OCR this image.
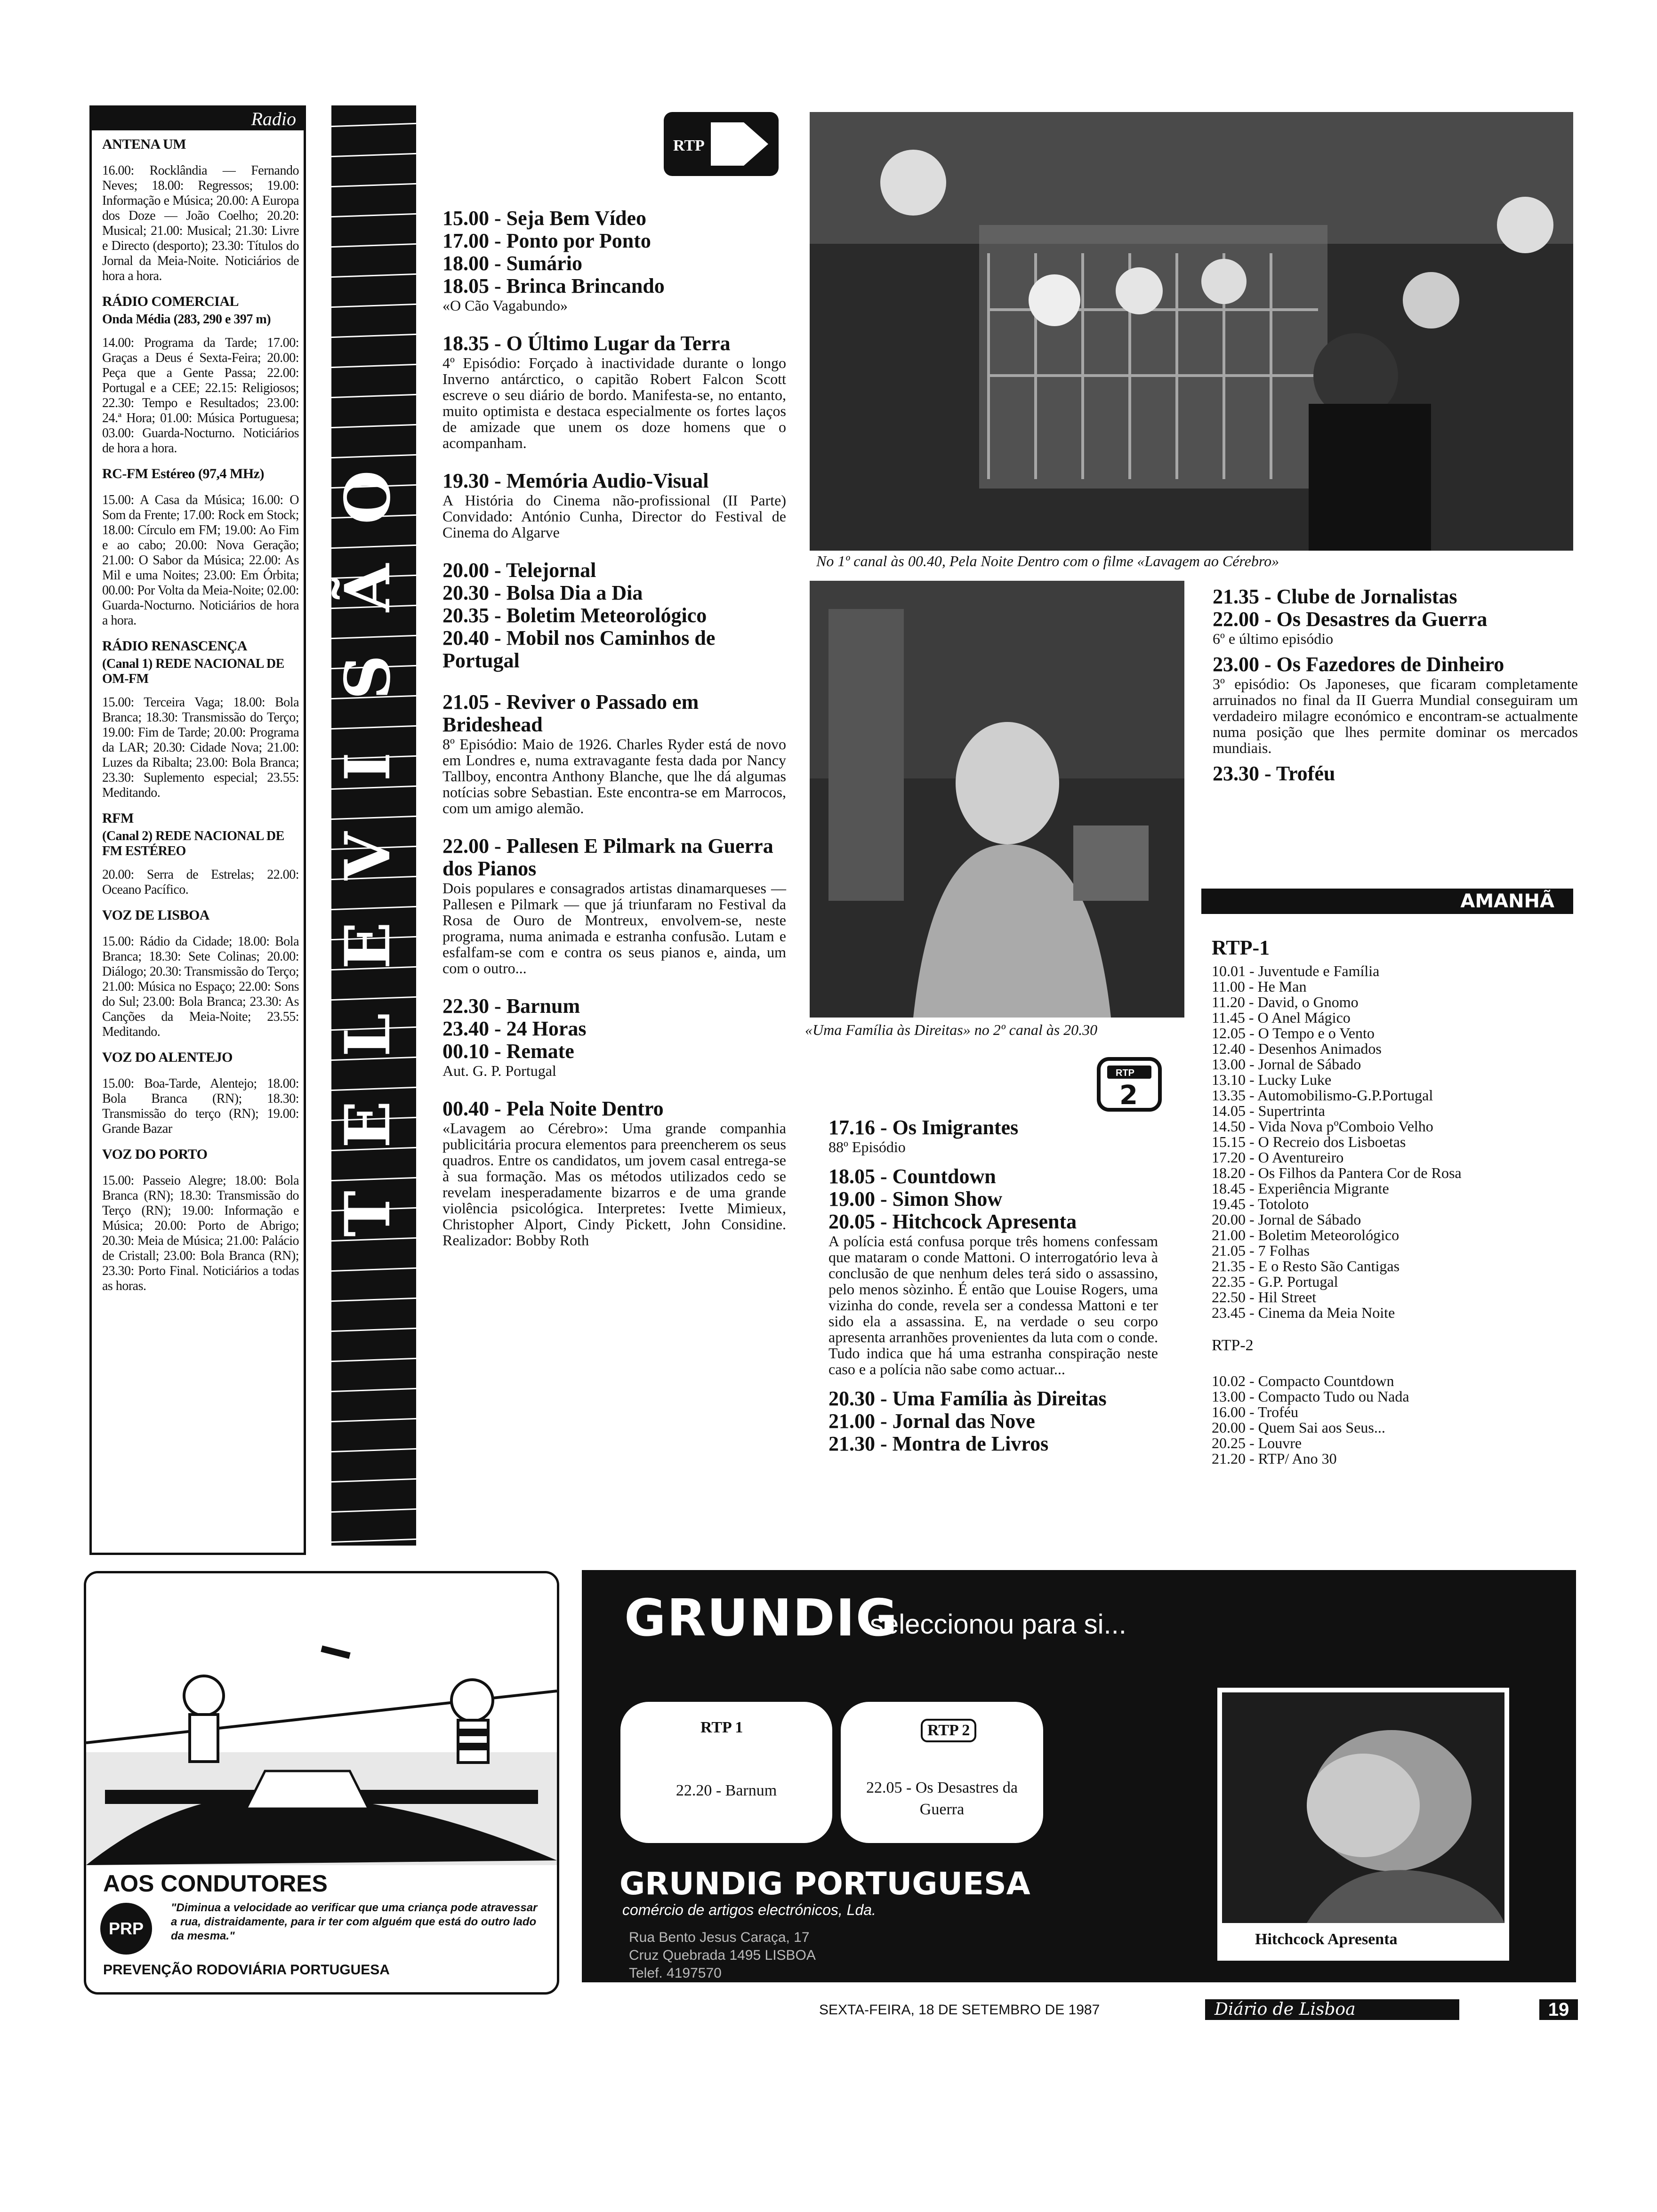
Radio
ANTENA UM

16.00: Rocklândia — Fernando Neves; 18.00: Regressos; 19.00: Informação e Música; 20.00: A Europa dos Doze — João Coelho; 20.20: Musical; 21.00: Musical; 21.30: Livre e Directo (desporto); 23.30: Títulos do Jornal da Meia-Noite. Noticiários de hora a hora.

RÁDIO COMERCIAL
Onda Média (283, 290 e 397 m)

14.00: Programa da Tarde; 17.00: Graças a Deus é Sexta-Feira; 20.00: Peça que a Gente Passa; 22.00: Portugal e a CEE; 22.15: Religiosos; 22.30: Tempo e Resultados; 23.00: 24.ª Hora; 01.00: Música Portuguesa; 03.00: Guarda-Nocturno. Noticiários de hora a hora.

RC-FM Estéreo (97,4 MHz)

15.00: A Casa da Música; 16.00: O Som da Frente; 17.00: Rock em Stock; 18.00: Círculo em FM; 19.00: Ao Fim e ao cabo; 20.00: Nova Geração; 21.00: O Sabor da Música; 22.00: As Mil e uma Noites; 23.00: Em Órbita; 00.00: Por Volta da Meia-Noite; 02.00: Guarda-Nocturno. Noticiários de hora a hora.

RÁDIO RENASCENÇA
(Canal 1) REDE NACIONAL DE OM-FM

15.00: Terceira Vaga; 18.00: Bola Branca; 18.30: Transmissão do Terço; 19.00: Fim de Tarde; 20.00: Programa da LAR; 20.30: Cidade Nova; 21.00: Luzes da Ribalta; 23.00: Bola Branca; 23.30: Suplemento especial; 23.55: Meditando.

RFM
(Canal 2) REDE NACIONAL DE FM ESTÉREO

20.00: Serra de Estrelas; 22.00: Oceano Pacífico.

VOZ DE LISBOA

15.00: Rádio da Cidade; 18.00: Bola Branca; 18.30: Sete Colinas; 20.00: Diálogo; 20.30: Transmissão do Terço; 21.00: Música no Espaço; 22.00: Sons do Sul; 23.00: Bola Branca; 23.30: As Canções da Meia-Noite; 23.55: Meditando.

VOZ DO ALENTEJO

15.00: Boa-Tarde, Alentejo; 18.00: Bola Branca (RN); 18.30: Transmissão do terço (RN); 19.00: Grande Bazar

VOZ DO PORTO

15.00: Passeio Alegre; 18.00: Bola Branca (RN); 18.30: Transmissão do Terço (RN); 19.00: Informação e Música; 20.00: Porto de Abrigo; 20.30: Meia de Música; 21.00: Palácio de Cristall; 23.00: Bola Branca (RN); 23.30: Porto Final. Noticiários a todas as horas.

O
Ã
S
I
V
E
L
E
T
RTP

15.00 - Seja Bem Vídeo

17.00 - Ponto por Ponto

18.00 - Sumário

18.05 - Brinca Brincando

«O Cão Vagabundo»

18.35 - O Último Lugar da Terra

4º Episódio: Forçado à inactividade durante o longo Inverno antárctico, o capitão Robert Falcon Scott escreve o seu diário de bordo. Manifesta-se, no entanto, muito optimista e destaca especialmente os fortes laços de amizade que unem os doze homens que o acompanham.

19.30 - Memória Audio-Visual

A História do Cinema não-profissional (II Parte) Convidado: António Cunha, Director do Festival de Cinema do Algarve

20.00 - Telejornal

20.30 - Bolsa Dia a Dia

20.35 - Boletim Meteorológico

20.40 - Mobil nos Caminhos de Portugal

21.05 - Reviver o Passado em Brideshead

8º Episódio: Maio de 1926. Charles Ryder está de novo em Londres e, numa extravagante festa dada por Nancy Tallboy, encontra Anthony Blanche, que lhe dá algumas notícias sobre Sebastian. Este encontra-se em Marrocos, com um amigo alemão.

22.00 - Pallesen E Pilmark na Guerra dos Pianos

Dois populares e consagrados artistas dinamarqueses — Pallesen e Pilmark — que já triunfaram no Festival da Rosa de Ouro de Montreux, envolvem-se, neste programa, numa animada e estranha confusão. Lutam e esfalfam-se com e contra os seus pianos e, ainda, um com o outro...

22.30 - Barnum

23.40 - 24 Horas

00.10 - Remate

Aut. G. P. Portugal

00.40 - Pela Noite Dentro

«Lavagem ao Cérebro»: Uma grande companhia publicitária procura elementos para preencherem os seus quadros. Entre os candidatos, um jovem casal entrega-se à sua formação. Mas os métodos utilizados cedo se revelam inesperadamente bizarros e de uma grande violência psicológica. Interpretes: Ivette Mimieux, Christopher Alport, Cindy Pickett, John Considine. Realizador: Bobby Roth

No 1º canal às 00.40, Pela Noite Dentro com o filme «Lavagem ao Cérebro»
«Uma Família às Direitas» no 2º canal às 20.30
RTP
2

17.16 - Os Imigrantes

88º Episódio

18.05 - Countdown

19.00 - Simon Show

20.05 - Hitchcock Apresenta

A polícia está confusa porque três homens confessam que mataram o conde Mattoni. O interrogatório leva à conclusão de que nenhum deles terá sido o assassino, pelo menos sòzinho. É então que Louise Rogers, uma vizinha do conde, revela ser a condessa Mattoni e ter sido ela a assassina. E, na verdade o seu corpo apresenta arranhões provenientes da luta com o conde. Tudo indica que há uma estranha conspiração neste caso e a polícia não sabe como actuar...

20.30 - Uma Família às Direitas

21.00 - Jornal das Nove

21.30 - Montra de Livros

21.35 - Clube de Jornalistas

22.00 - Os Desastres da Guerra

6º e último episódio

23.00 - Os Fazedores de Dinheiro

3º episódio: Os Japoneses, que ficaram completamente arruinados no final da II Guerra Mundial conseguiram um verdadeiro milagre económico e encontram-se actualmente numa posição que lhes permite dominar os mercados mundiais.

23.30 - Troféu

AMANHÃ
RTP-1
10.01 - Juventude e Família
11.00 - He Man
11.20 - David, o Gnomo
11.45 - O Anel Mágico
12.05 - O Tempo e o Vento
12.40 - Desenhos Animados
13.00 - Jornal de Sábado
13.10 - Lucky Luke
13.35 - Automobilismo-G.P.Portugal
14.05 - Supertrinta
14.50 - Vida Nova pºComboio Velho
15.15 - O Recreio dos Lisboetas
17.20 - O Aventureiro
18.20 - Os Filhos da Pantera Cor de Rosa
18.45 - Experiência Migrante
19.45 - Totoloto
20.00 - Jornal de Sábado
21.00 - Boletim Meteorológico
21.05 - 7 Folhas
21.35 - E o Resto São Cantigas
22.35 - G.P. Portugal
22.50 - Hil Street
23.45 - Cinema da Meia Noite
RTP-2
10.02 - Compacto Countdown
13.00 - Compacto Tudo ou Nada
16.00 - Troféu
20.00 - Quem Sai aos Seus...
20.25 - Louvre
21.20 - RTP/ Ano 30
AOS CONDUTORES
PRP
"Diminua a velocidade ao verificar que uma criança pode atravessar a rua, distraidamente, para ir ter com alguém que está do outro lado da mesma."
PREVENÇÃO RODOVIÁRIA PORTUGUESA
GRUNDIG
seleccionou para si...
RTP 1
22.20 - Barnum
RTP 2
22.05 - Os Desastres da Guerra
GRUNDIG PORTUGUESA
comércio de artigos electrónicos, Lda.
Rua Bento Jesus Caraça, 17
Cruz Quebrada 1495 LISBOA
Telef. 4197570
Hitchcock Apresenta
SEXTA-FEIRA, 18 DE SETEMBRO DE 1987	Diário de Lisboa	19
